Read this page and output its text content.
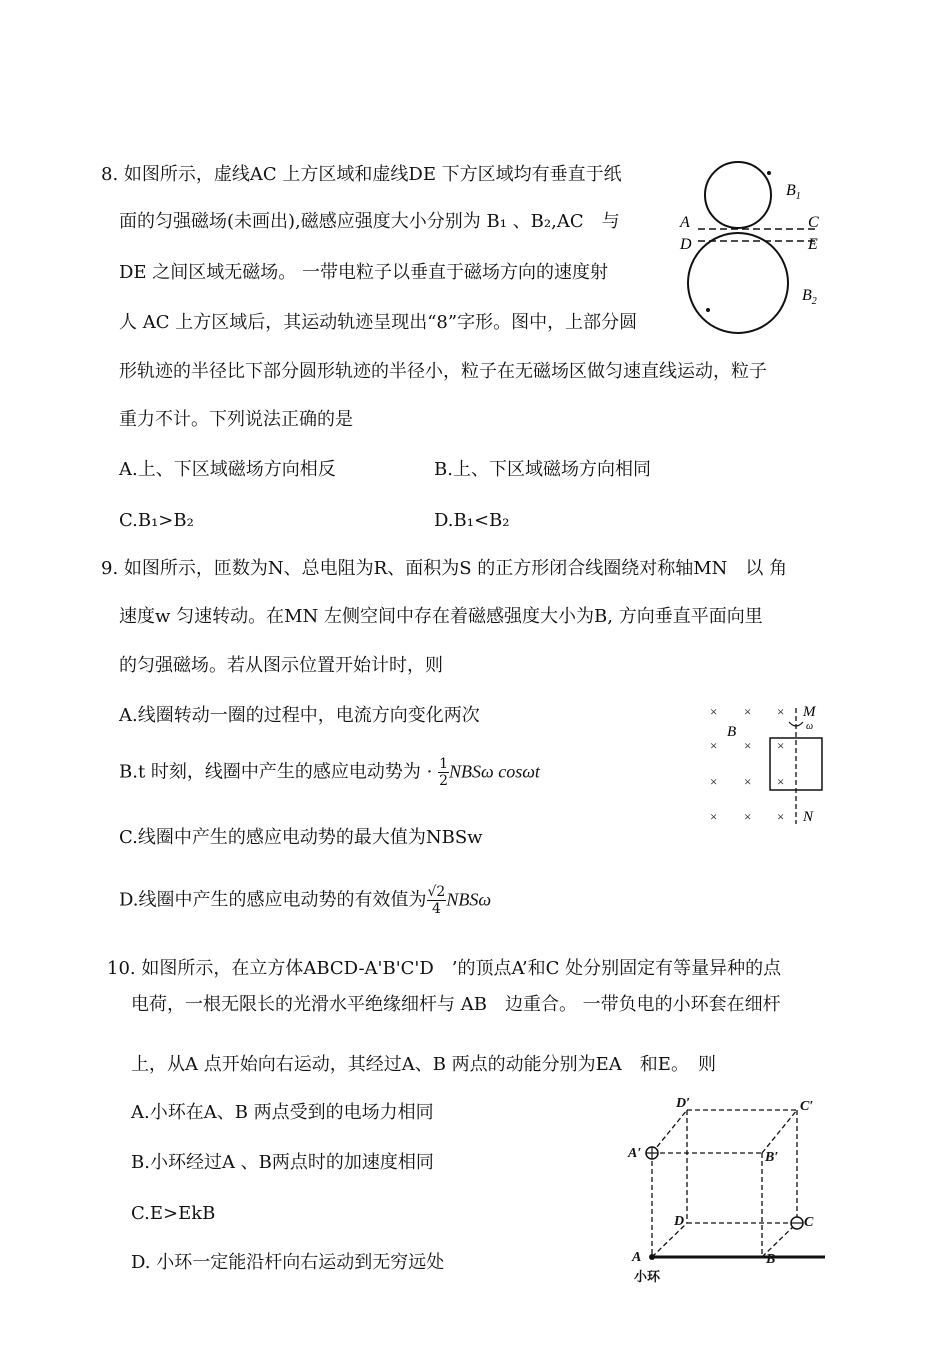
8. 如图所示，虚线AC 上方区域和虚线DE 下方区域均有垂直于纸
面的匀强磁场(未画出),磁感应强度大小分别为 B₁ 、B₂,AC　与
DE 之间区域无磁场。 一带电粒子以垂直于磁场方向的速度射
人 AC 上方区域后，其运动轨迹呈现出“8”字形。图中，上部分圆
形轨迹的半径比下部分圆形轨迹的半径小，粒子在无磁场区做匀速直线运动，粒子
重力不计。下列说法正确的是
A.上、下区域磁场方向相反	B.上、下区域磁场方向相同
C.B₁>B₂	D.B₁<B₂
A
D
C
E
$B_1$
$B_2$
9. 如图所示，匝数为N、总电阻为R、面积为S 的正方形闭合线圈绕对称轴MN　以 角
速度w 匀速转动。在MN 左侧空间中存在着磁感强度大小为B, 方向垂直平面向里
的匀强磁场。若从图示位置开始计时，则
A.线圈转动一圈的过程中，电流方向变化两次
B.t 时刻，线圈中产生的感应电动势为 · $\frac{1}{2}$ NBSω cosωt
C.线圈中产生的感应电动势的最大值为NBSw
D.线圈中产生的感应电动势的有效值为 $\frac{√2}{4}$ NBSω
× × ×
× × ×
× × ×
× × ×
M
ω
N
B
10. 如图所示，在立方体ABCD-A'B'C'D　’的顶点A’和C 处分别固定有等量异种的点
电荷，一根无限长的光滑水平绝缘细杆与 AB　边重合。 一带负电的小环套在细杆
上，从A 点开始向右运动，其经过A、B 两点的动能分别为EA　和E。　则
A.小环在A、B 两点受到的电场力相同
B.小环经过A 、B两点时的加速度相同
C.E>EkB
D. 小环一定能沿杆向右运动到无穷远处
D′	C′
A′	B′
D	C
A	B
小环
